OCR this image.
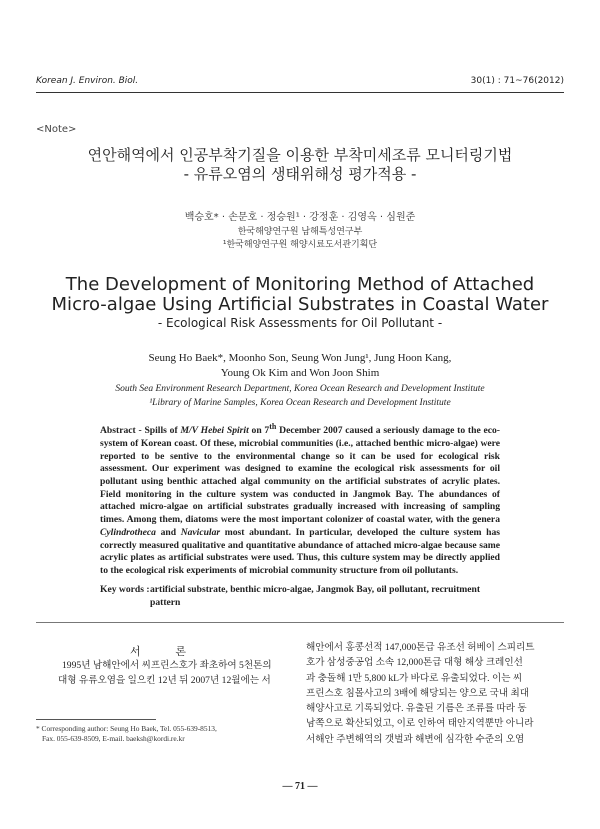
Korean J. Environ. Biol.	30(1) : 71~76(2012)
<Note>
연안해역에서 인공부착기질을 이용한 부착미세조류 모니터링기법
- 유류오염의 생태위해성 평가적용 -
백승호* · 손문호 · 정승원¹ · 강정훈 · 김영옥 · 심원준
한국해양연구원 남해특성연구부
¹한국해양연구원 해양시료도서관기획단
The Development of Monitoring Method of Attached
Micro-algae Using Artificial Substrates in Coastal Water
- Ecological Risk Assessments for Oil Pollutant -
Seung Ho Baek*, Moonho Son, Seung Won Jung¹, Jung Hoon Kang,
Young Ok Kim and Won Joon Shim
South Sea Environment Research Department, Korea Ocean Research and Development Institute
¹Library of Marine Samples, Korea Ocean Research and Development Institute
Abstract - Spills of M/V Hebei Spirit on 7th December 2007 caused a seriously damage to the eco-system of Korean coast. Of these, microbial communities (i.e., attached benthic micro-algae) were reported to be sentive to the environmental change so it can be used for ecological risk assessment. Our experiment was designed to examine the ecological risk assessments for oil pollutant using benthic attached algal community on the artificial substrates of acrylic plates. Field monitoring in the culture system was conducted in Jangmok Bay. The abundances of attached micro-algae on artificial substrates gradually increased with increasing of sampling times. Among them, diatoms were the most important colonizer of coastal water, with the genera Cylindrotheca and Navicular most abundant. In particular, developed the culture system has correctly measured qualitative and quantitative abundance of attached micro-algae because same acrylic plates as artificial substrates were used. Thus, this culture system may be directly applied to the ecological risk experiments of microbial community structure from oil pollutants.
Key words : artificial substrate, benthic micro-algae, Jangmok Bay, oil pollutant, recruitment pattern
서 론
1995년 남해안에서 씨프린스호가 좌초하여 5천톤의
대형 유류오염을 일으킨 12년 뒤 2007년 12월에는 서
* Corresponding author: Seung Ho Baek, Tel. 055-639-8513,
Fax. 055-639-8509, E-mail. baeksh@kordi.re.kr
해안에서 홍콩선적 147,000톤급 유조선 허베이 스피리트
호가 삼성중공업 소속 12,000톤급 대형 해상 크레인선
과 충돌해 1만 5,800 kL가 바다로 유출되었다. 이는 씨
프린스호 침몰사고의 3배에 해당되는 양으로 국내 최대
해양사고로 기록되었다. 유출된 기름은 조류를 따라 동
남쪽으로 확산되었고, 이로 인하여 태안지역뿐만 아니라
서해안 주변해역의 갯벌과 해변에 심각한 수준의 오염
— 71 —
